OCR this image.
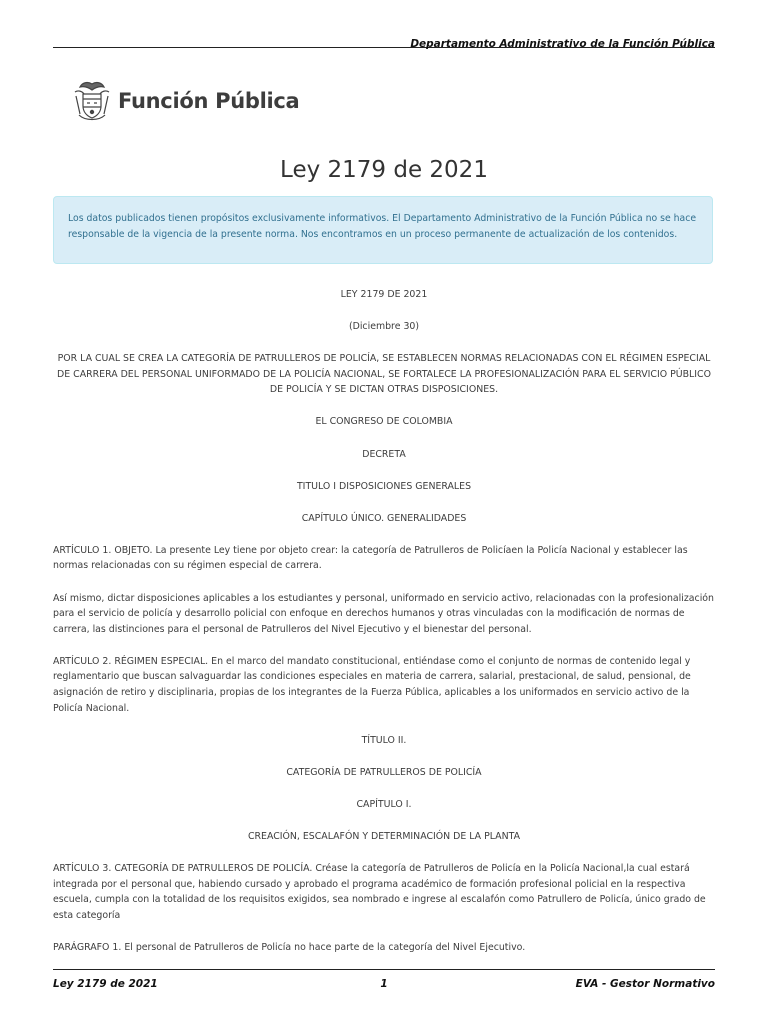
$_{Departamento Administrativo de la Función Pública}$
Función Pública
Ley 2179 de 2021
Los datos publicados tienen propósitos exclusivamente informativos. El Departamento Administrativo de la Función Pública no se hace responsable de la vigencia de la presente norma. Nos encontramos en un proceso permanente de actualización de los contenidos.

LEY 2179 DE 2021

(Diciembre 30)

POR LA CUAL SE CREA LA CATEGORÍA DE PATRULLEROS DE POLICÍA, SE ESTABLECEN NORMAS RELACIONADAS CON EL RÉGIMEN ESPECIAL DE CARRERA DEL PERSONAL UNIFORMADO DE LA POLICÍA NACIONAL, SE FORTALECE LA PROFESIONALIZACIÓN PARA EL SERVICIO PÚBLICO DE POLICÍA Y SE DICTAN OTRAS DISPOSICIONES.

EL CONGRESO DE COLOMBIA

DECRETA

TITULO I DISPOSICIONES GENERALES

CAPÍTULO ÚNICO. GENERALIDADES

ARTÍCULO 1. OBJETO. La presente Ley tiene por objeto crear: la categoría de Patrulleros de Policíaen la Policía Nacional y establecer las normas relacionadas con su régimen especial de carrera.

Así mismo, dictar disposiciones aplicables a los estudiantes y personal, uniformado en servicio activo, relacionadas con la profesionalización para el servicio de policía y desarrollo policial con enfoque en derechos humanos y otras vinculadas con la modificación de normas de carrera, las distinciones para el personal de Patrulleros del Nivel Ejecutivo y el bienestar del personal.

ARTÍCULO 2. RÉGIMEN ESPECIAL. En el marco del mandato constitucional, entiéndase como el conjunto de normas de contenido legal y reglamentario que buscan salvaguardar las condiciones especiales en materia de carrera, salarial, prestacional, de salud, pensional, de asignación de retiro y disciplinaria, propias de los integrantes de la Fuerza Pública, aplicables a los uniformados en servicio activo de la Policía Nacional.

TÍTULO II.

CATEGORÍA DE PATRULLEROS DE POLICÍA

CAPÍTULO I.

CREACIÓN, ESCALAFÓN Y DETERMINACIÓN DE LA PLANTA

ARTÍCULO 3. CATEGORÍA DE PATRULLEROS DE POLICÍA. Créase la categoría de Patrulleros de Policía en la Policía Nacional,la cual estará integrada por el personal que, habiendo cursado y aprobado el programa académico de formación profesional policial en la respectiva escuela, cumpla con la totalidad de los requisitos exigidos, sea nombrado e ingrese al escalafón como Patrullero de Policía, único grado de esta categoría

PARÁGRAFO 1. El personal de Patrulleros de Policía no hace parte de la categoría del Nivel Ejecutivo.

Ley 2179 de 2021	1	EVA - Gestor Normativo
